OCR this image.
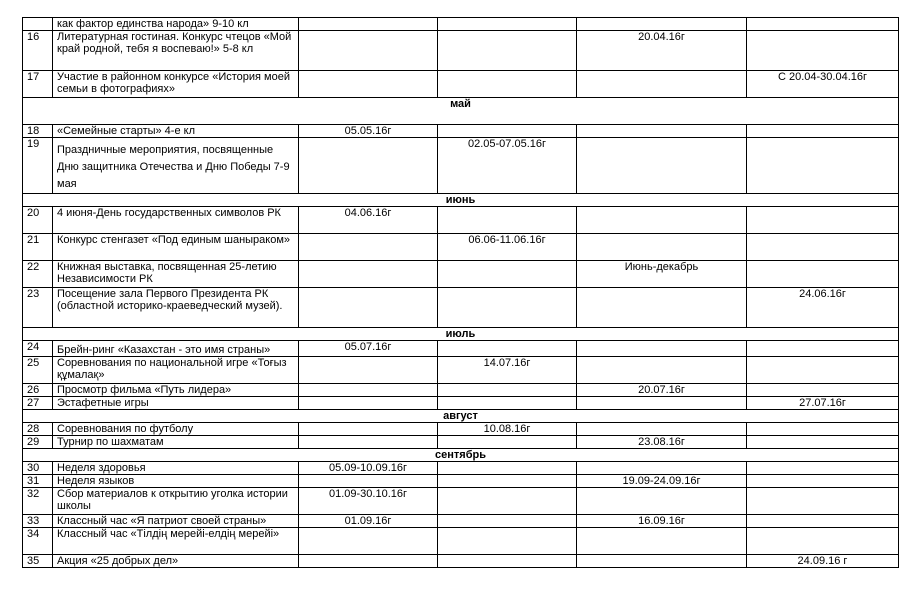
	как фактор единства народа» 9-10 кл				
16	Литературная гостиная. Конкурс чтецов «Мой край родной, тебя я воспеваю!» 5-8 кл			20.04.16г	
17	Участие в районном конкурсе «История моей семьи в фотографиях»				С 20.04-30.04.16г
май					
18	«Семейные старты» 4-е кл	05.05.16г			
19	Праздничные мероприятия, посвященные Дню защитника Отечества и Дню Победы 7-9 мая		02.05-07.05.16г		
июнь					
20	4 июня-День государственных символов РК	04.06.16г			
21	Конкурс стенгазет «Под единым шаныраком»		06.06-11.06.16г		
22	Книжная выставка, посвященная 25-летию Независимости РК			Июнь-декабрь	
23	Посещение зала Первого Президента РК (областной историко-краеведческий музей).				24.06.16г
июль					
24	Брейн-ринг «Казахстан - это имя страны»	05.07.16г			
25	Соревнования по национальной игре «Тоғыз құмалақ»		14.07.16г		
26	Просмотр фильма «Путь лидера»			20.07.16г	
27	Эстафетные игры				27.07.16г
август					
28	Соревнования по футболу		10.08.16г		
29	Турнир по шахматам			23.08.16г	
сентябрь					
30	Неделя здоровья	05.09-10.09.16г			
31	Неделя языков			19.09-24.09.16г	
32	Сбор материалов к открытию уголка истории школы	01.09-30.10.16г			
33	Классный час «Я патриот своей страны»	01.09.16г		16.09.16г	
34	Классный час «Тілдің мерейі-елдің мерейі»				
35	Акция «25 добрых дел»				24.09.16 г
